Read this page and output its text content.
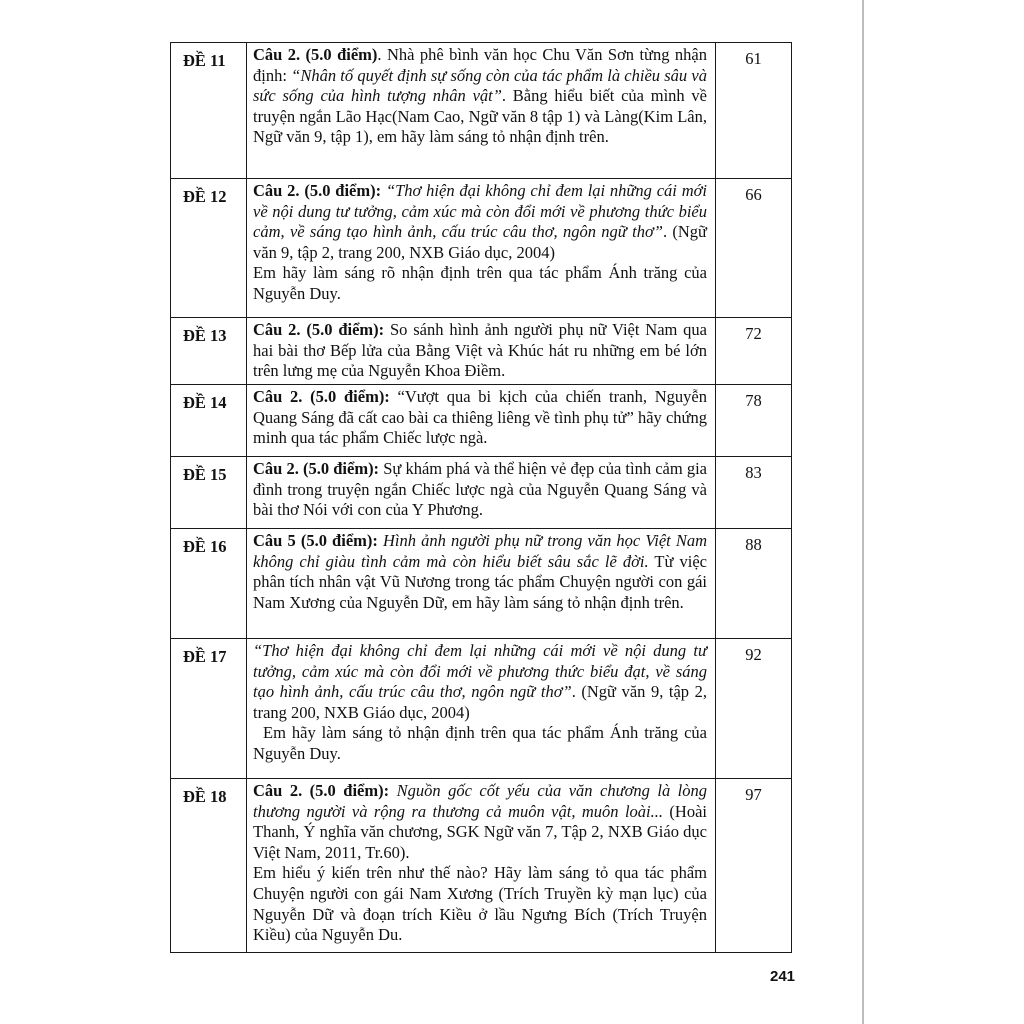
ĐỀ 11	Câu 2. (5.0 điểm). Nhà phê bình văn học Chu Văn Sơn từng nhận định: “Nhân tố quyết định sự sống còn của tác phẩm là chiều sâu và sức sống của hình tượng nhân vật”. Bằng hiểu biết của mình về truyện ngắn Lão Hạc(Nam Cao, Ngữ văn 8 tập 1) và Làng(Kim Lân, Ngữ văn 9, tập 1), em hãy làm sáng tỏ nhận định trên.	61
ĐỀ 12	Câu 2. (5.0 điểm): “Thơ hiện đại không chỉ đem lại những cái mới về nội dung tư tưởng, cảm xúc mà còn đổi mới về phương thức biểu cảm, về sáng tạo hình ảnh, cấu trúc câu thơ, ngôn ngữ thơ”. (Ngữ văn 9, tập 2, trang 200, NXB Giáo dục, 2004)

Em hãy làm sáng rõ nhận định trên qua tác phẩm Ánh trăng của Nguyễn Duy.	66
ĐỀ 13	Câu 2. (5.0 điểm): So sánh hình ảnh người phụ nữ Việt Nam qua hai bài thơ Bếp lửa của Bằng Việt và Khúc hát ru những em bé lớn trên lưng mẹ của Nguyễn Khoa Điềm.	72
ĐỀ 14	Câu 2. (5.0 điểm): “Vượt qua bi kịch của chiến tranh, Nguyễn Quang Sáng đã cất cao bài ca thiêng liêng về tình phụ tử” hãy chứng minh qua tác phẩm Chiếc lược ngà.	78
ĐỀ 15	Câu 2. (5.0 điểm): Sự khám phá và thể hiện vẻ đẹp của tình cảm gia đình trong truyện ngắn Chiếc lược ngà của Nguyễn Quang Sáng và bài thơ Nói với con của Y Phương.	83
ĐỀ 16	Câu 5 (5.0 điểm): Hình ảnh người phụ nữ trong văn học Việt Nam không chỉ giàu tình cảm mà còn hiểu biết sâu sắc lẽ đời. Từ việc phân tích nhân vật Vũ Nương trong tác phẩm Chuyện người con gái Nam Xương của Nguyễn Dữ, em hãy làm sáng tỏ nhận định trên.	88
ĐỀ 17	“Thơ hiện đại không chỉ đem lại những cái mới về nội dung tư tưởng, cảm xúc mà còn đổi mới về phương thức biểu đạt, về sáng tạo hình ảnh, cấu trúc câu thơ, ngôn ngữ thơ”. (Ngữ văn 9, tập 2, trang 200, NXB Giáo dục, 2004)

Em hãy làm sáng tỏ nhận định trên qua tác phẩm Ánh trăng của Nguyễn Duy.	92
ĐỀ 18	Câu 2. (5.0 điểm): Nguồn gốc cốt yếu của văn chương là lòng thương người và rộng ra thương cả muôn vật, muôn loài... (Hoài Thanh, Ý nghĩa văn chương, SGK Ngữ văn 7, Tập 2, NXB Giáo dục Việt Nam, 2011, Tr.60).

Em hiểu ý kiến trên như thế nào? Hãy làm sáng tỏ qua tác phẩm Chuyện người con gái Nam Xương (Trích Truyền kỳ mạn lục) của Nguyễn Dữ và đoạn trích Kiều ở lầu Ngưng Bích (Trích Truyện Kiều) của Nguyễn Du.	97
241
